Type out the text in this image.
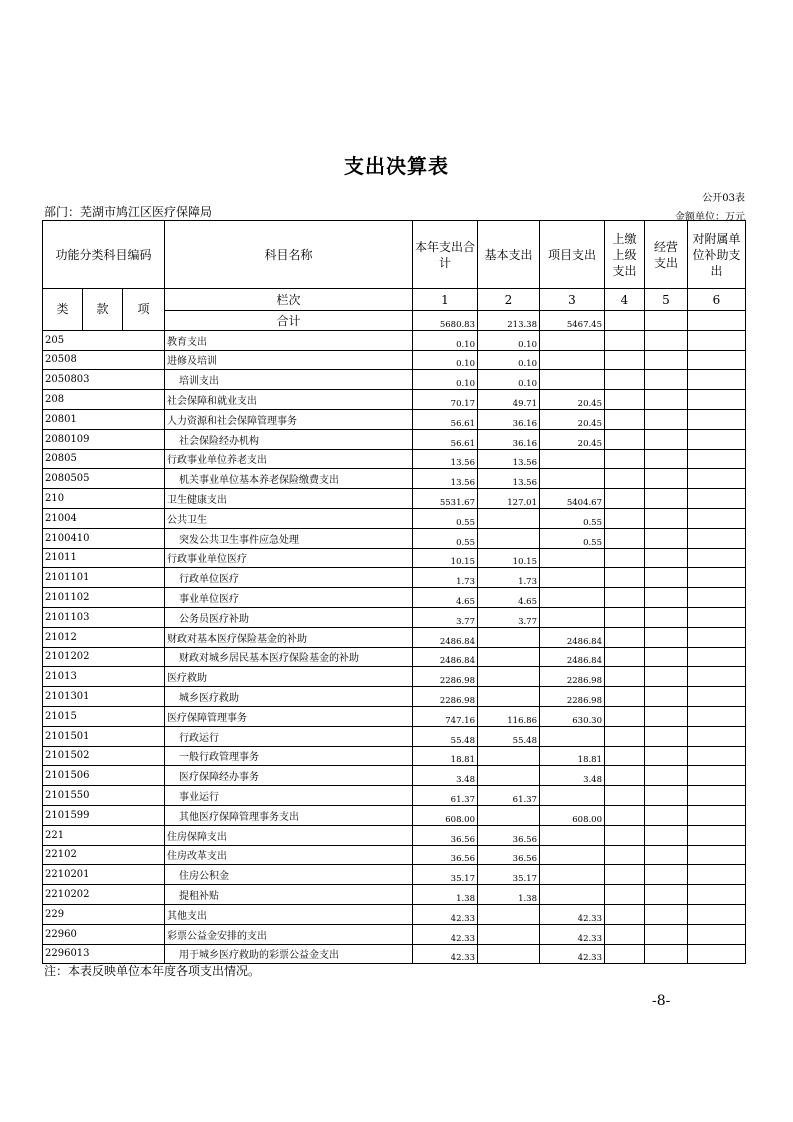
支出决算表
公开03表
部门：芜湖市鸠江区医疗保障局	金额单位：万元
功能分类科目编码			科目名称	本年支出合计	基本支出	项目支出	上缴上级支出	经营支出	对附属单位补助支出
类	款	项	栏次	1	2	3	4	5	6
			合计	5680.83	213.38	5467.45			
205			教育支出	0.10	0.10				
20508			进修及培训	0.10	0.10				
2050803			培训支出	0.10	0.10				
208			社会保障和就业支出	70.17	49.71	20.45			
20801			人力资源和社会保障管理事务	56.61	36.16	20.45			
2080109			社会保险经办机构	56.61	36.16	20.45			
20805			行政事业单位养老支出	13.56	13.56				
2080505			机关事业单位基本养老保险缴费支出	13.56	13.56				
210			卫生健康支出	5531.67	127.01	5404.67			
21004			公共卫生	0.55		0.55			
2100410			突发公共卫生事件应急处理	0.55		0.55			
21011			行政事业单位医疗	10.15	10.15				
2101101			行政单位医疗	1.73	1.73				
2101102			事业单位医疗	4.65	4.65				
2101103			公务员医疗补助	3.77	3.77				
21012			财政对基本医疗保险基金的补助	2486.84		2486.84			
2101202			财政对城乡居民基本医疗保险基金的补助	2486.84		2486.84			
21013			医疗救助	2286.98		2286.98			
2101301			城乡医疗救助	2286.98		2286.98			
21015			医疗保障管理事务	747.16	116.86	630.30			
2101501			行政运行	55.48	55.48				
2101502			一般行政管理事务	18.81		18.81			
2101506			医疗保障经办事务	3.48		3.48			
2101550			事业运行	61.37	61.37				
2101599			其他医疗保障管理事务支出	608.00		608.00			
221			住房保障支出	36.56	36.56				
22102			住房改革支出	36.56	36.56				
2210201			住房公积金	35.17	35.17				
2210202			提租补贴	1.38	1.38				
229			其他支出	42.33		42.33			
22960			彩票公益金安排的支出	42.33		42.33			
2296013			用于城乡医疗救助的彩票公益金支出	42.33		42.33			
注：本表反映单位本年度各项支出情况。
-8-
